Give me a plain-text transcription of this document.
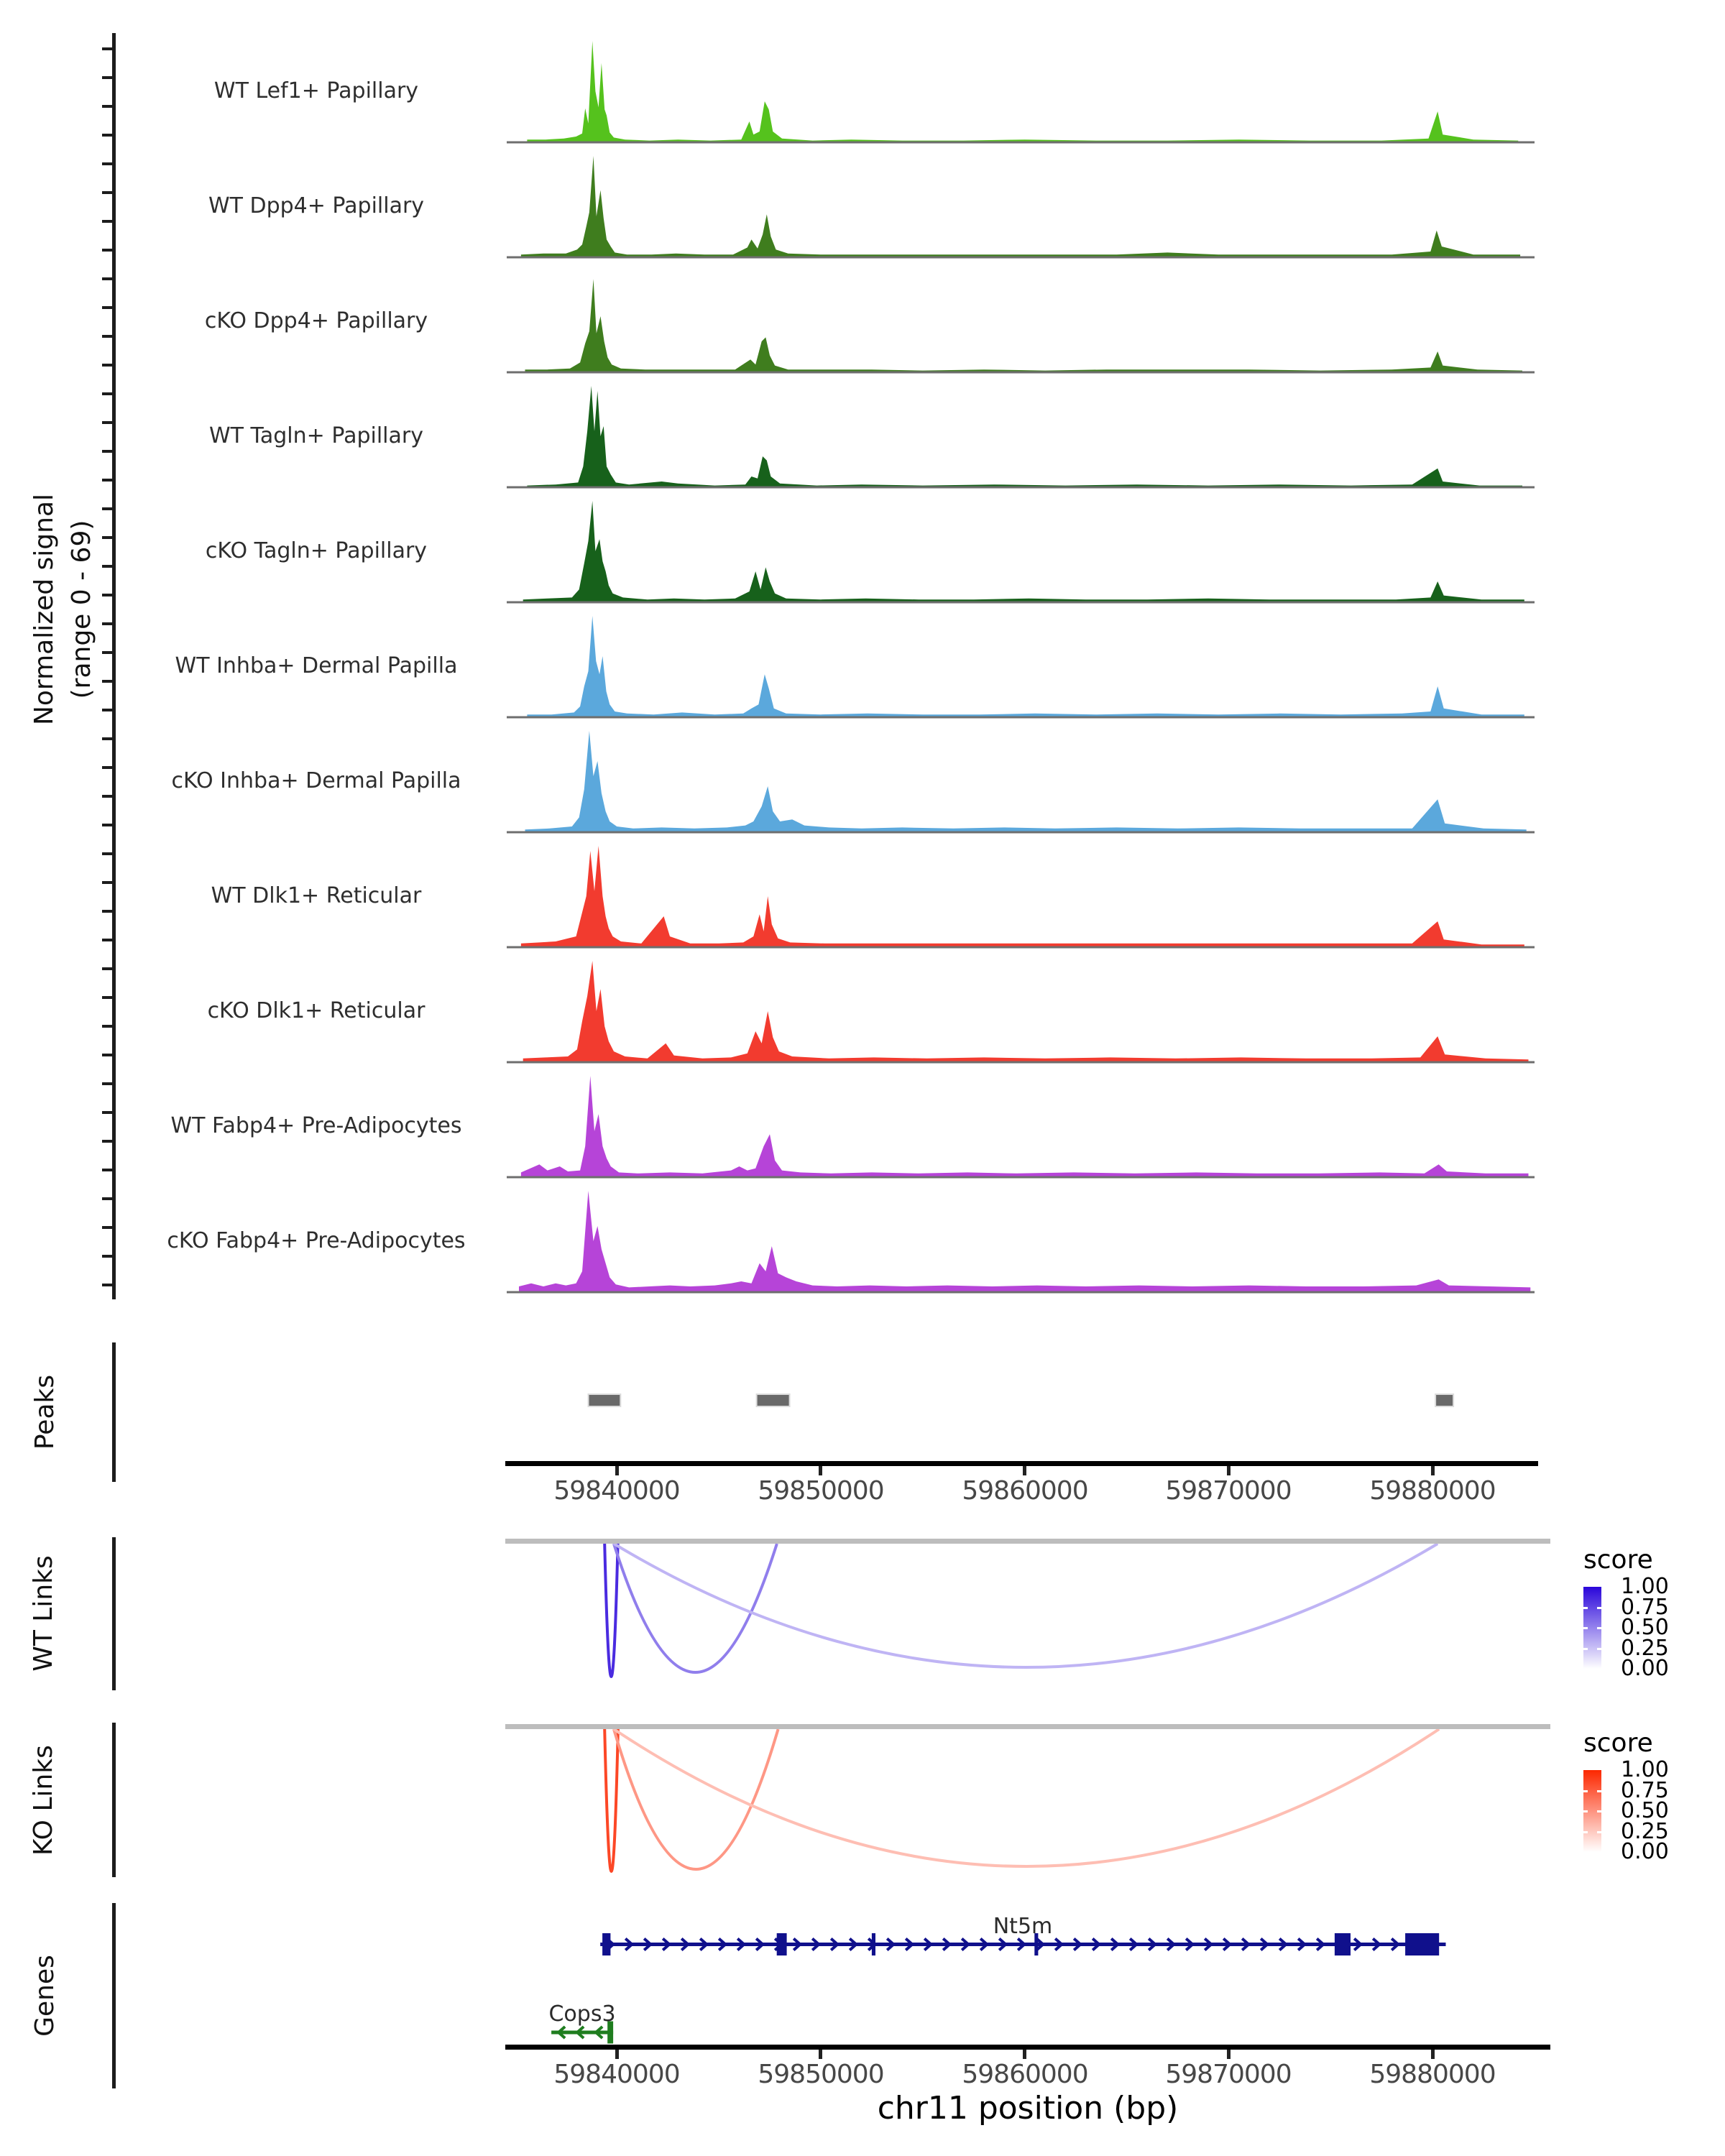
Normalized signal (range 0 - 69)
WT Lef1+ Papillary
WT Dpp4+ Papillary
cKO Dpp4+ Papillary
WT Tagln+ Papillary
cKO Tagln+ Papillary
WT Inhba+ Dermal Papilla
cKO Inhba+ Dermal Papilla
WT Dlk1+ Reticular
cKO Dlk1+ Reticular
WT Fabp4+ Pre-Adipocytes
cKO Fabp4+ Pre-Adipocytes
Peaks
WT Links
KO Links
Genes
59840000	59850000	59860000	59870000	59880000
59840000	59850000	59860000	59870000	59880000
score
1.00
0.75
0.50
0.25
0.00
score
1.00
0.75
0.50
0.25
0.00
Nt5m
Cops3
chr11 position (bp)
